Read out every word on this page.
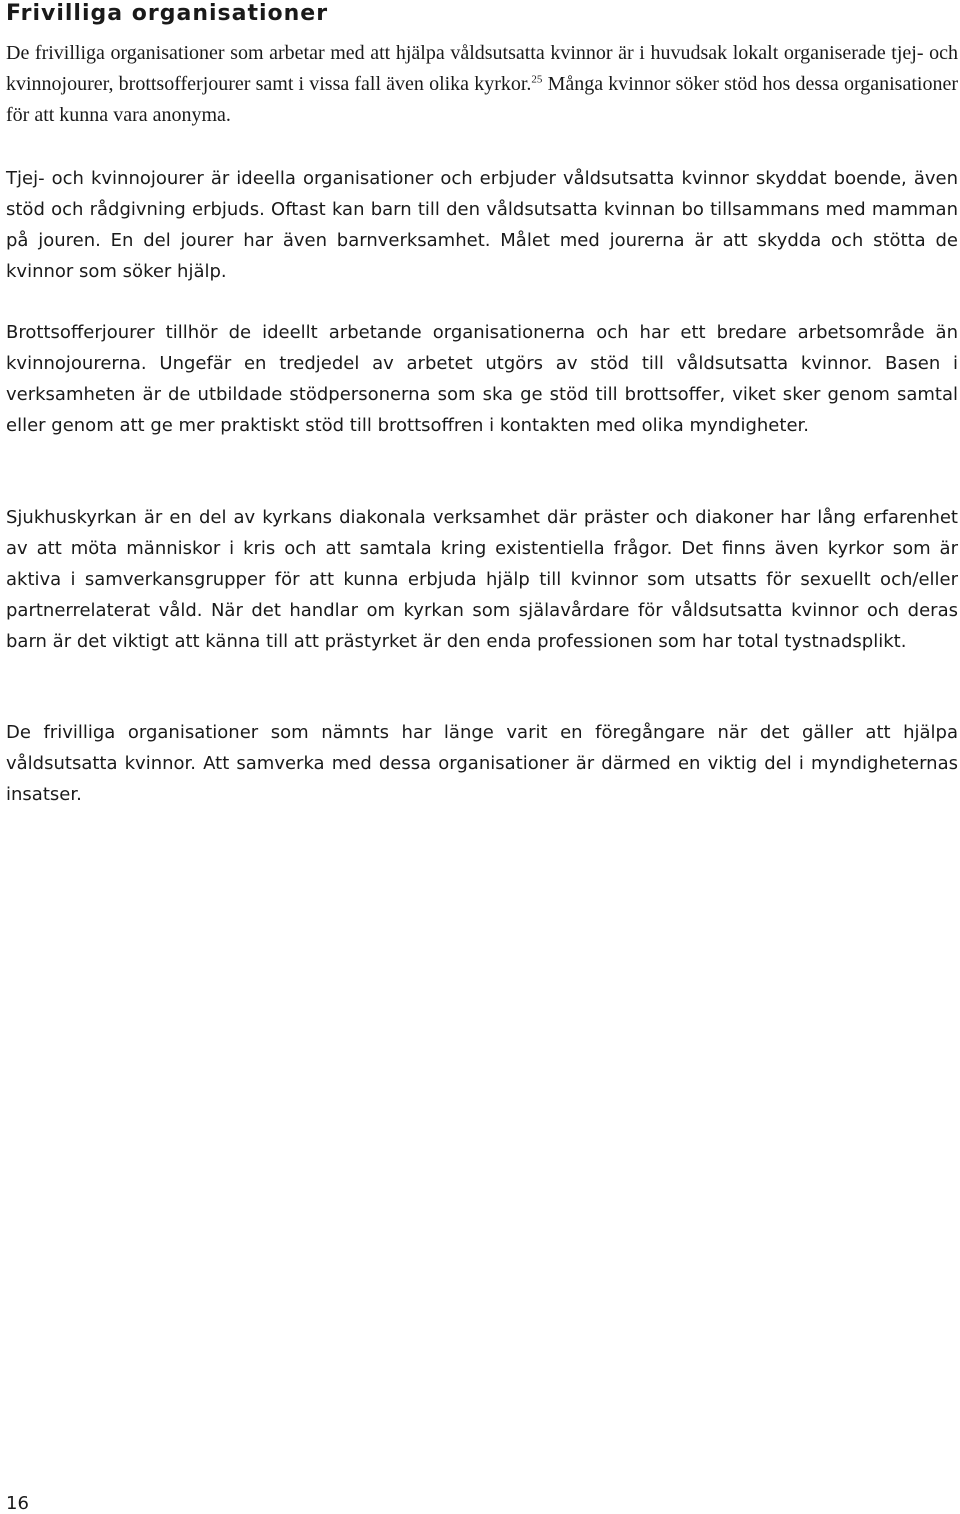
Frivilliga organisationer

De frivilliga organisationer som arbetar med att hjälpa våldsutsatta kvinnor är i huvudsak lokalt organiserade tjej- och kvinnojourer, brottsofferjourer samt i vissa fall även olika kyrkor.$^{25}$ Många kvinnor söker stöd hos dessa organisationer för att kunna vara anonyma.

Tjej- och kvinnojourer är ideella organisationer och erbjuder våldsutsatta kvinnor skyddat boende, även stöd och rådgivning erbjuds. Oftast kan barn till den våldsutsatta kvinnan bo tillsammans med mamman på jouren. En del jourer har även barnverksamhet. Målet med jourerna är att skydda och stötta de kvinnor som söker hjälp.

Brottsofferjourer tillhör de ideellt arbetande organisationerna och har ett bredare arbetsområde än kvinnojourerna. Ungefär en tredjedel av arbetet utgörs av stöd till våldsutsatta kvinnor. Basen i verksamheten är de utbildade stödpersonerna som ska ge stöd till brottsoffer, viket sker genom samtal eller genom att ge mer praktiskt stöd till brottsoffren i kontakten med olika myndigheter.

Sjukhuskyrkan är en del av kyrkans diakonala verksamhet där präster och diakoner har lång erfarenhet av att möta människor i kris och att samtala kring existentiella frågor. Det finns även kyrkor som är aktiva i samverkansgrupper för att kunna erbjuda hjälp till kvinnor som utsatts för sexuellt och/eller partnerrelaterat våld. När det handlar om kyrkan som själavårdare för våldsutsatta kvinnor och deras barn är det viktigt att känna till att prästyrket är den enda professionen som har total tystnadsplikt.

De frivilliga organisationer som nämnts har länge varit en föregångare när det gäller att hjälpa våldsutsatta kvinnor. Att samverka med dessa organisationer är därmed en viktig del i myndigheternas insatser.

16
